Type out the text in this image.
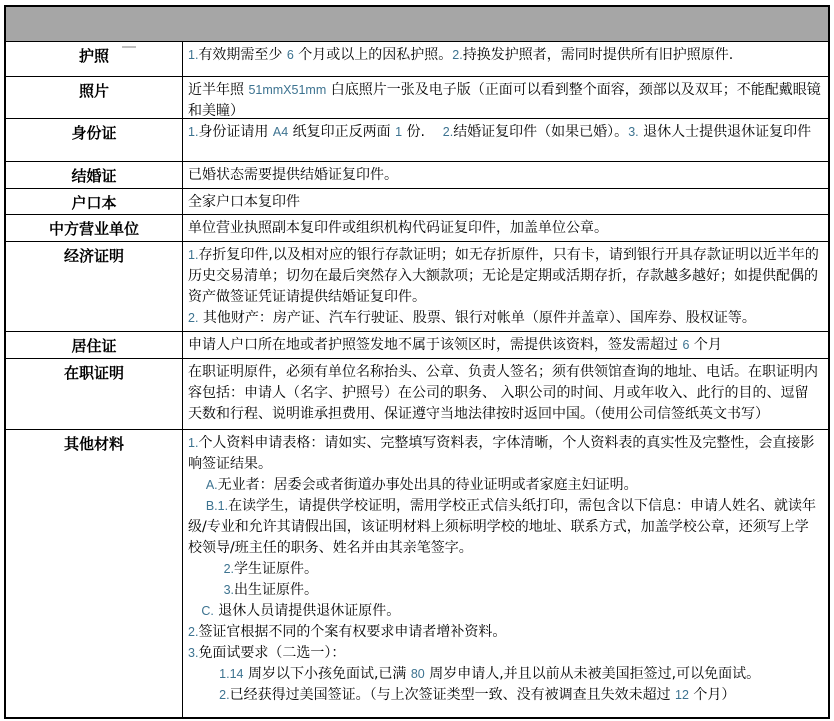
护照	1.有效期需至少 6 个月或以上的因私护照。2.持换发护照者，需同时提供所有旧护照原件.

照片	近半年照 51mmX51mm 白底照片一张及电子版（正面可以看到整个面容，颈部以及双耳；不能配戴眼镜和美瞳）

身份证	1.身份证请用 A4 纸复印正反两面 1 份.    2.结婚证复印件（如果已婚）。3. 退休人士提供退休证复印件

结婚证	已婚状态需要提供结婚证复印件。

户口本	全家户口本复印件

中方营业单位	单位营业执照副本复印件或组织机构代码证复印件，加盖单位公章。

经济证明	1.存折复印件,以及相对应的银行存款证明；如无存折原件，只有卡，请到银行开具存款证明以近半年的历史交易清单；切勿在最后突然存入大额款项；无论是定期或活期存折，存款越多越好；如提供配偶的资产做签证凭证请提供结婚证复印件。

2. 其他财产：房产证、汽车行驶证、股票、银行对帐单（原件并盖章）、国库券、股权证等。

居住证	申请人户口所在地或者护照签发地不属于该领区时，需提供该资料，签发需超过 6 个月

在职证明	在职证明原件，必须有单位名称抬头、公章、负责人签名；须有供领馆查询的地址、电话。在职证明内容包括：申请人（名字、护照号）在公司的职务、 入职公司的时间、月或年收入、此行的目的、逗留天数和行程、说明谁承担费用、保证遵守当地法律按时返回中国。（使用公司信签纸英文书写）

其他材料	1.个人资料申请表格：请如实、完整填写资料表，字体清晰，个人资料表的真实性及完整性，会直接影响签证结果。

A.无业者：居委会或者街道办事处出具的待业证明或者家庭主妇证明。

B.1.在读学生，请提供学校证明，需用学校正式信头纸打印，需包含以下信息：申请人姓名、就读年级/专业和允许其请假出国，该证明材料上须标明学校的地址、联系方式，加盖学校公章，还须写上学校领导/班主任的职务、姓名并由其亲笔签字。

2.学生证原件。

3.出生证原件。

C. 退休人员请提供退休证原件。

2.签证官根据不同的个案有权要求申请者增补资料。

3.免面试要求（二选一）：

1.14 周岁以下小孩免面试,已满 80 周岁申请人,并且以前从未被美国拒签过,可以免面试。

2.已经获得过美国签证。（与上次签证类型一致、没有被调查且失效未超过 12 个月）
